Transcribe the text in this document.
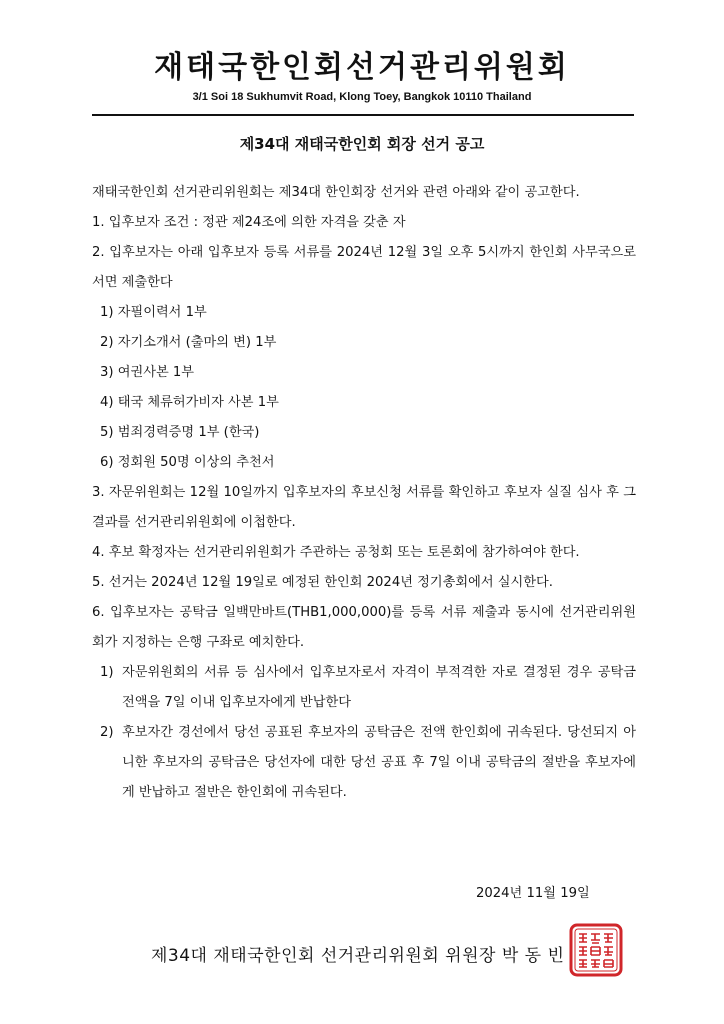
재태국한인회선거관리위원회
3/1 Soi 18 Sukhumvit Road, Klong Toey, Bangkok 10110 Thailand
제34대 재태국한인회 회장 선거 공고

재태국한인회 선거관리위원회는 제34대 한인회장 선거와 관련 아래와 같이 공고한다.

1. 입후보자 조건 : 정관 제24조에 의한 자격을 갖춘 자

2. 입후보자는 아래 입후보자 등록 서류를 2024년 12월 3일 오후 5시까지 한인회 사무국으로 서면 제출한다

1) 자필이력서 1부

2) 자기소개서 (출마의 변) 1부

3) 여권사본 1부

4) 태국 체류허가비자 사본 1부

5) 범죄경력증명 1부 (한국)

6) 정회원 50명 이상의 추천서

3. 자문위원회는 12월 10일까지 입후보자의 후보신청 서류를 확인하고 후보자 실질 심사 후 그 결과를 선거관리위원회에 이첩한다.

4. 후보 확정자는 선거관리위원회가 주관하는 공청회 또는 토론회에 참가하여야 한다.

5. 선거는 2024년 12월 19일로 예정된 한인회 2024년 정기총회에서 실시한다.

6. 입후보자는 공탁금 일백만바트(THB1,000,000)를 등록 서류 제출과 동시에 선거관리위원회가 지정하는 은행 구좌로 예치한다.

1) 자문위원회의 서류 등 심사에서 입후보자로서 자격이 부적격한 자로 결정된 경우 공탁금 전액을 7일 이내 입후보자에게 반납한다
2) 후보자간 경선에서 당선 공표된 후보자의 공탁금은 전액 한인회에 귀속된다. 당선되지 아니한 후보자의 공탁금은 당선자에 대한 당선 공표 후 7일 이내 공탁금의 절반을 후보자에게 반납하고 절반은 한인회에 귀속된다.
2024년 11월 19일
제34대 재태국한인회 선거관리위원회 위원장 박 동 빈
